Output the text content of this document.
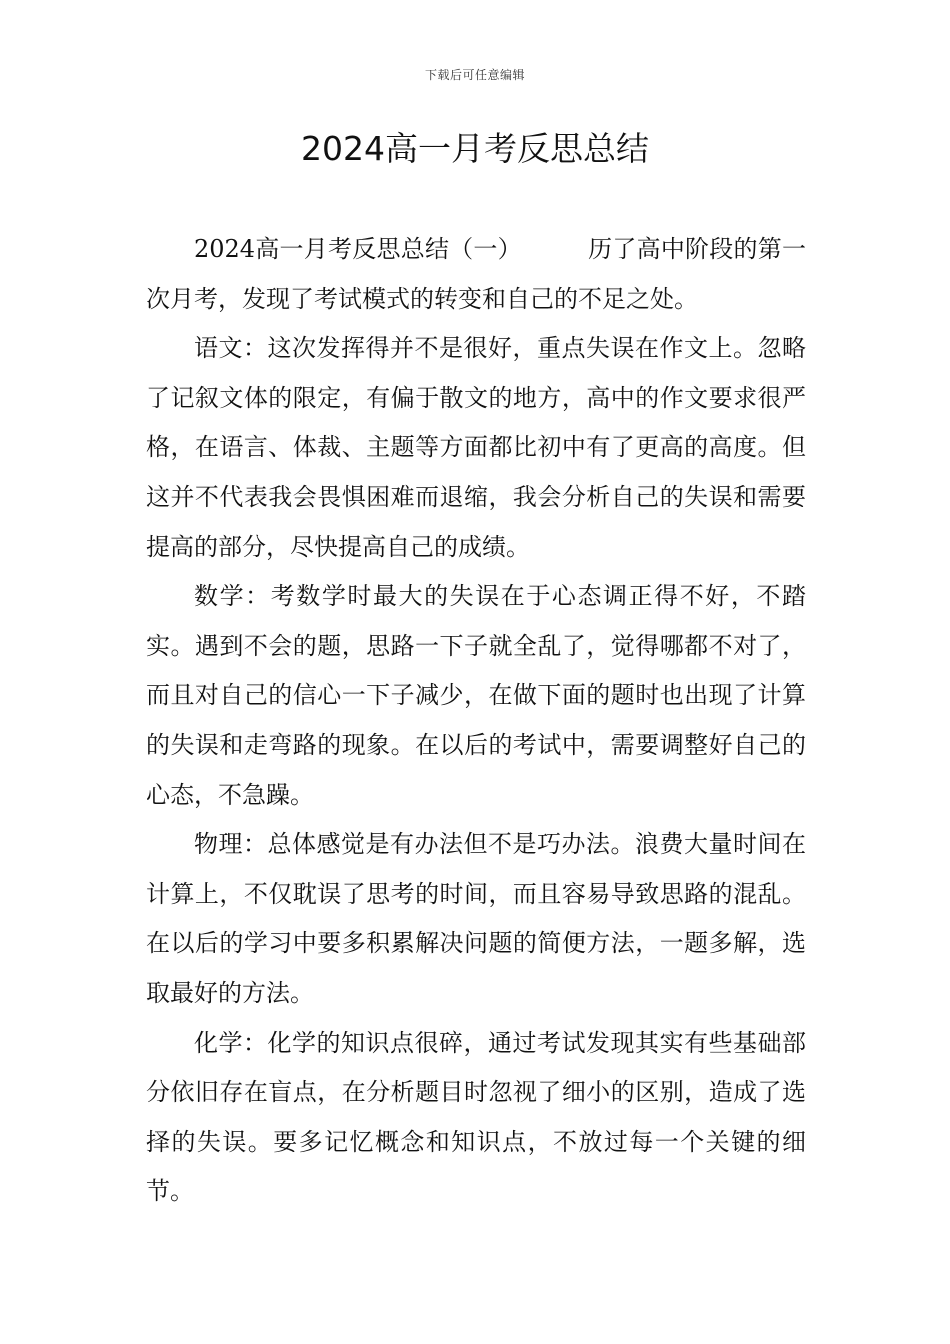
下载后可任意编辑
2024高一月考反思总结

2024高一月考反思总结（一）	历了高中阶段的第一次月考，发现了考试模式的转变和自己的不足之处。

语文：这次发挥得并不是很好，重点失误在作文上。忽略了记叙文体的限定，有偏于散文的地方，高中的作文要求很严格，在语言、体裁、主题等方面都比初中有了更高的高度。但这并不代表我会畏惧困难而退缩，我会分析自己的失误和需要提高的部分，尽快提高自己的成绩。

数学：考数学时最大的失误在于心态调正得不好，不踏实。遇到不会的题，思路一下子就全乱了，觉得哪都不对了，而且对自己的信心一下子减少，在做下面的题时也出现了计算的失误和走弯路的现象。在以后的考试中，需要调整好自己的心态，不急躁。

物理：总体感觉是有办法但不是巧办法。浪费大量时间在计算上，不仅耽误了思考的时间，而且容易导致思路的混乱。在以后的学习中要多积累解决问题的简便方法，一题多解，选取最好的方法。

化学：化学的知识点很碎，通过考试发现其实有些基础部分依旧存在盲点，在分析题目时忽视了细小的区别，造成了选择的失误。要多记忆概念和知识点，不放过每一个关键的细节。
